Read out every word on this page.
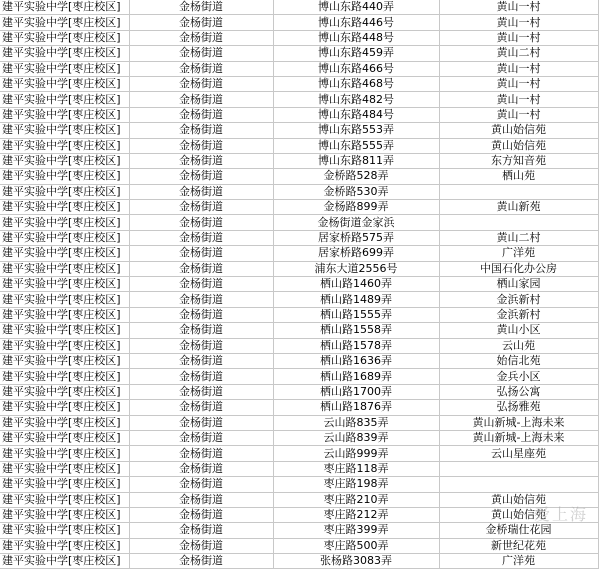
建平实验中学[枣庄校区]	金杨街道	博山东路440弄	黄山一村
建平实验中学[枣庄校区]	金杨街道	博山东路446号	黄山一村
建平实验中学[枣庄校区]	金杨街道	博山东路448号	黄山一村
建平实验中学[枣庄校区]	金杨街道	博山东路459弄	黄山二村
建平实验中学[枣庄校区]	金杨街道	博山东路466号	黄山一村
建平实验中学[枣庄校区]	金杨街道	博山东路468号	黄山一村
建平实验中学[枣庄校区]	金杨街道	博山东路482号	黄山一村
建平实验中学[枣庄校区]	金杨街道	博山东路484号	黄山一村
建平实验中学[枣庄校区]	金杨街道	博山东路553弄	黄山始信苑
建平实验中学[枣庄校区]	金杨街道	博山东路555弄	黄山始信苑
建平实验中学[枣庄校区]	金杨街道	博山东路811弄	东方知音苑
建平实验中学[枣庄校区]	金杨街道	金桥路528弄	栖山苑
建平实验中学[枣庄校区]	金杨街道	金桥路530弄	
建平实验中学[枣庄校区]	金杨街道	金杨路899弄	黄山新苑
建平实验中学[枣庄校区]	金杨街道	金杨街道金家浜	
建平实验中学[枣庄校区]	金杨街道	居家桥路575弄	黄山二村
建平实验中学[枣庄校区]	金杨街道	居家桥路699弄	广洋苑
建平实验中学[枣庄校区]	金杨街道	浦东大道2556号	中国石化办公房
建平实验中学[枣庄校区]	金杨街道	栖山路1460弄	栖山家园
建平实验中学[枣庄校区]	金杨街道	栖山路1489弄	金浜新村
建平实验中学[枣庄校区]	金杨街道	栖山路1555弄	金浜新村
建平实验中学[枣庄校区]	金杨街道	栖山路1558弄	黄山小区
建平实验中学[枣庄校区]	金杨街道	栖山路1578弄	云山苑
建平实验中学[枣庄校区]	金杨街道	栖山路1636弄	始信北苑
建平实验中学[枣庄校区]	金杨街道	栖山路1689弄	金兵小区
建平实验中学[枣庄校区]	金杨街道	栖山路1700弄	弘扬公寓
建平实验中学[枣庄校区]	金杨街道	栖山路1876弄	弘扬雅苑
建平实验中学[枣庄校区]	金杨街道	云山路835弄	黄山新城-上海未来
建平实验中学[枣庄校区]	金杨街道	云山路839弄	黄山新城-上海未来
建平实验中学[枣庄校区]	金杨街道	云山路999弄	云山星座苑
建平实验中学[枣庄校区]	金杨街道	枣庄路118弄	
建平实验中学[枣庄校区]	金杨街道	枣庄路198弄	
建平实验中学[枣庄校区]	金杨街道	枣庄路210弄	黄山始信苑
建平实验中学[枣庄校区]	金杨街道	枣庄路212弄	黄山始信苑
建平实验中学[枣庄校区]	金杨街道	枣庄路399弄	金桥瑞仕花园
建平实验中学[枣庄校区]	金杨街道	枣庄路500弄	新世纪花苑
建平实验中学[枣庄校区]	金杨街道	张杨路3083弄	广洋苑
爱上海
